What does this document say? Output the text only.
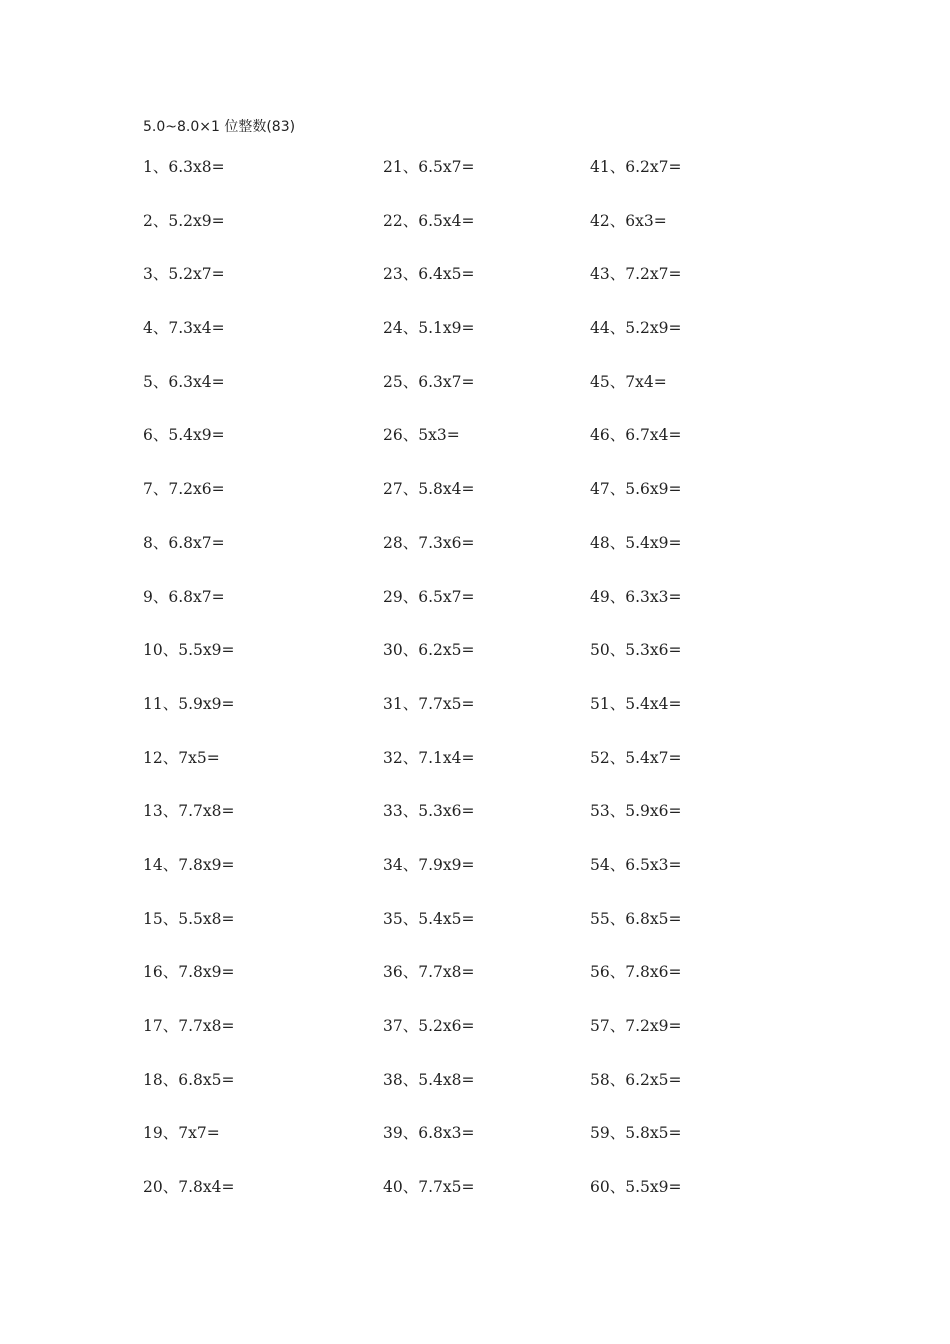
5.0~8.0×1 位整数(83)
1、6.3x8=
2、5.2x9=
3、5.2x7=
4、7.3x4=
5、6.3x4=
6、5.4x9=
7、7.2x6=
8、6.8x7=
9、6.8x7=
10、5.5x9=
11、5.9x9=
12、7x5=
13、7.7x8=
14、7.8x9=
15、5.5x8=
16、7.8x9=
17、7.7x8=
18、6.8x5=
19、7x7=
20、7.8x4=
21、6.5x7=
22、6.5x4=
23、6.4x5=
24、5.1x9=
25、6.3x7=
26、5x3=
27、5.8x4=
28、7.3x6=
29、6.5x7=
30、6.2x5=
31、7.7x5=
32、7.1x4=
33、5.3x6=
34、7.9x9=
35、5.4x5=
36、7.7x8=
37、5.2x6=
38、5.4x8=
39、6.8x3=
40、7.7x5=
41、6.2x7=
42、6x3=
43、7.2x7=
44、5.2x9=
45、7x4=
46、6.7x4=
47、5.6x9=
48、5.4x9=
49、6.3x3=
50、5.3x6=
51、5.4x4=
52、5.4x7=
53、5.9x6=
54、6.5x3=
55、6.8x5=
56、7.8x6=
57、7.2x9=
58、6.2x5=
59、5.8x5=
60、5.5x9=
